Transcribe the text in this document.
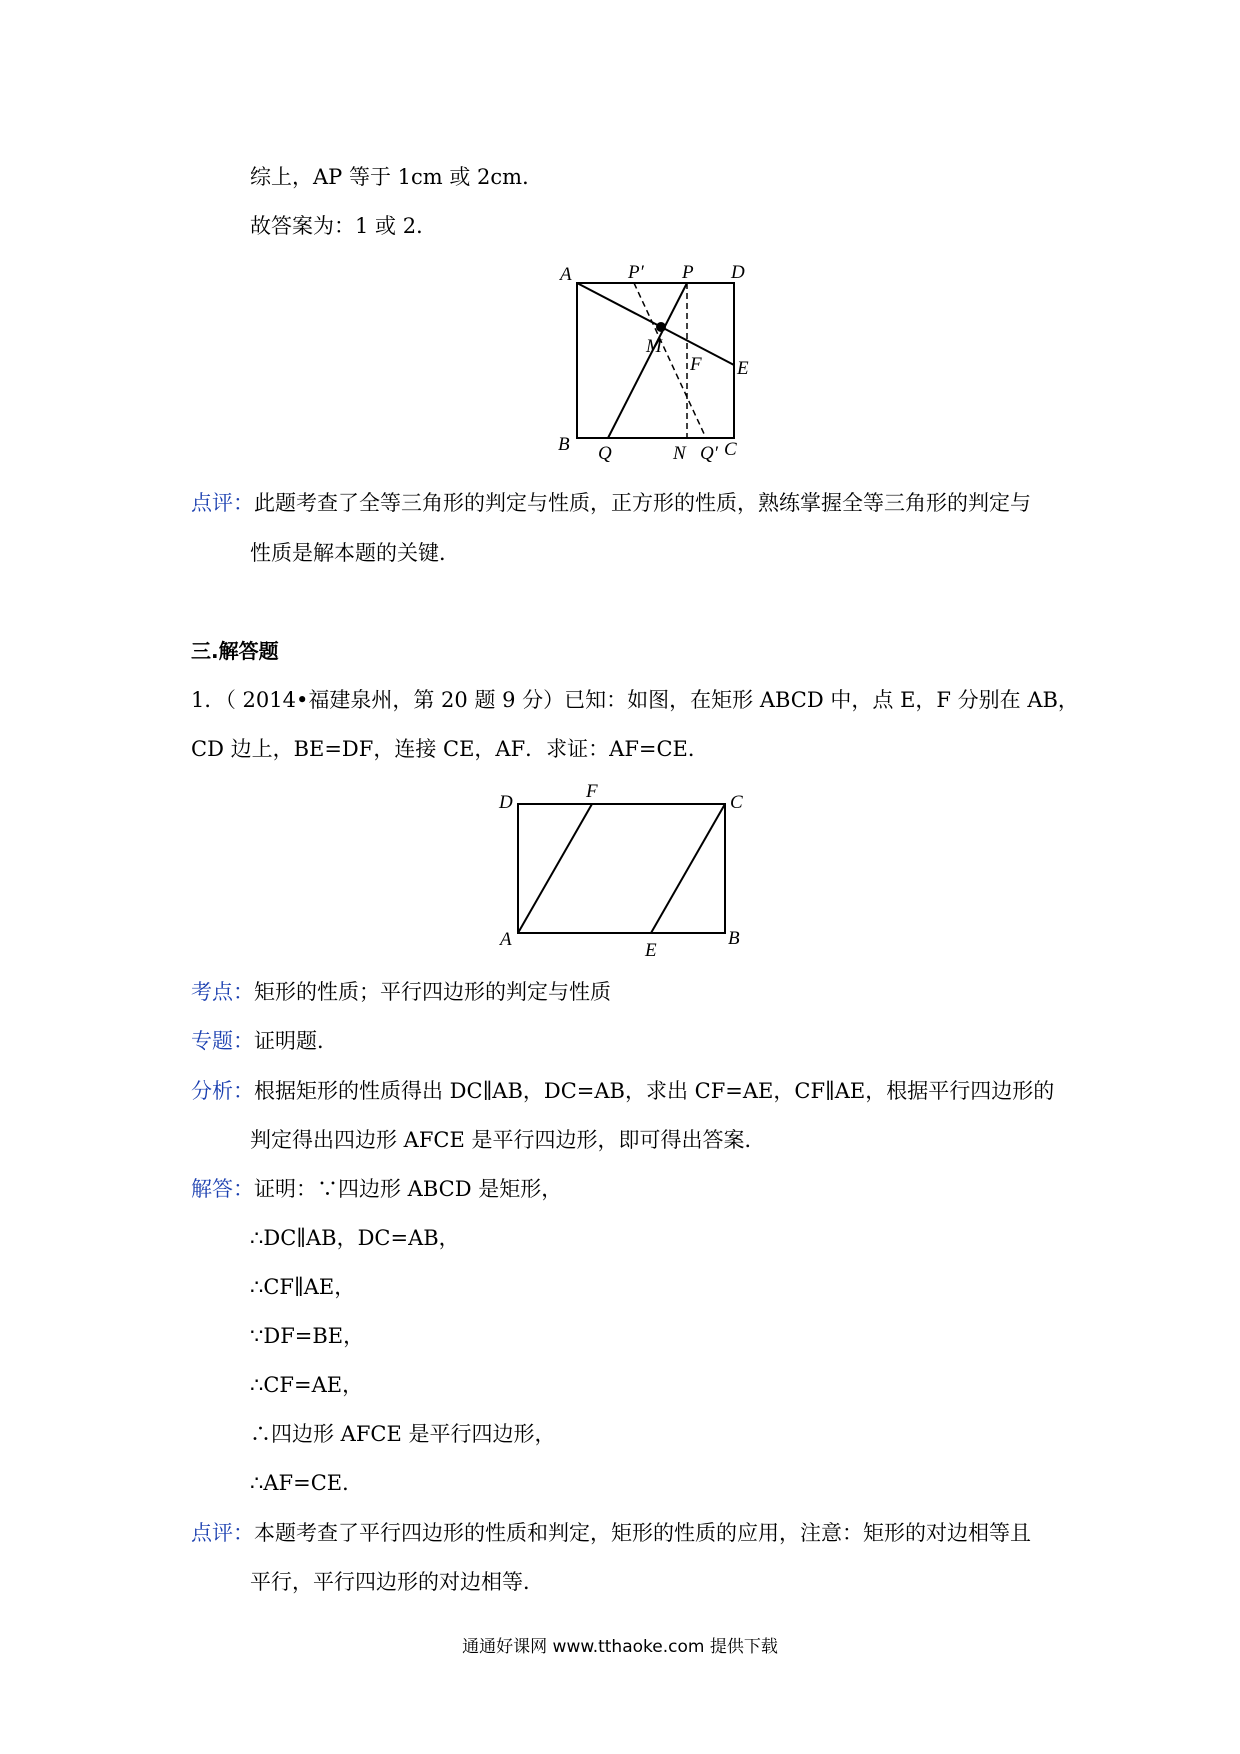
综上，AP 等于 1cm 或 2cm．
故答案为：1 或 2．
A	P′ P D
M
F E
B Q	N Q′ C
点评：此题考查了全等三角形的判定与性质，正方形的性质，熟练掌握全等三角形的判定与
性质是解本题的关键．
三.解答题
1．（ 2014•福建泉州，第 20 题 9 分）已知：如图，在矩形 ABCD 中，点 E，F 分别在 AB，
CD 边上，BE=DF，连接 CE，AF．求证：AF=CE．
D
F
C
A
E
B
考点：矩形的性质；平行四边形的判定与性质
专题：证明题．
分析：根据矩形的性质得出 DC∥AB，DC=AB，求出 CF=AE，CF∥AE，根据平行四边形的
判定得出四边形 AFCE 是平行四边形，即可得出答案．
解答：证明：∵四边形 ABCD 是矩形，
∴DC∥AB，DC=AB，
∴CF∥AE，
∵DF=BE，
∴CF=AE，
∴四边形 AFCE 是平行四边形，
∴AF=CE．
点评：本题考查了平行四边形的性质和判定，矩形的性质的应用，注意：矩形的对边相等且
平行，平行四边形的对边相等．
通通好课网 www.tthaoke.com 提供下载
